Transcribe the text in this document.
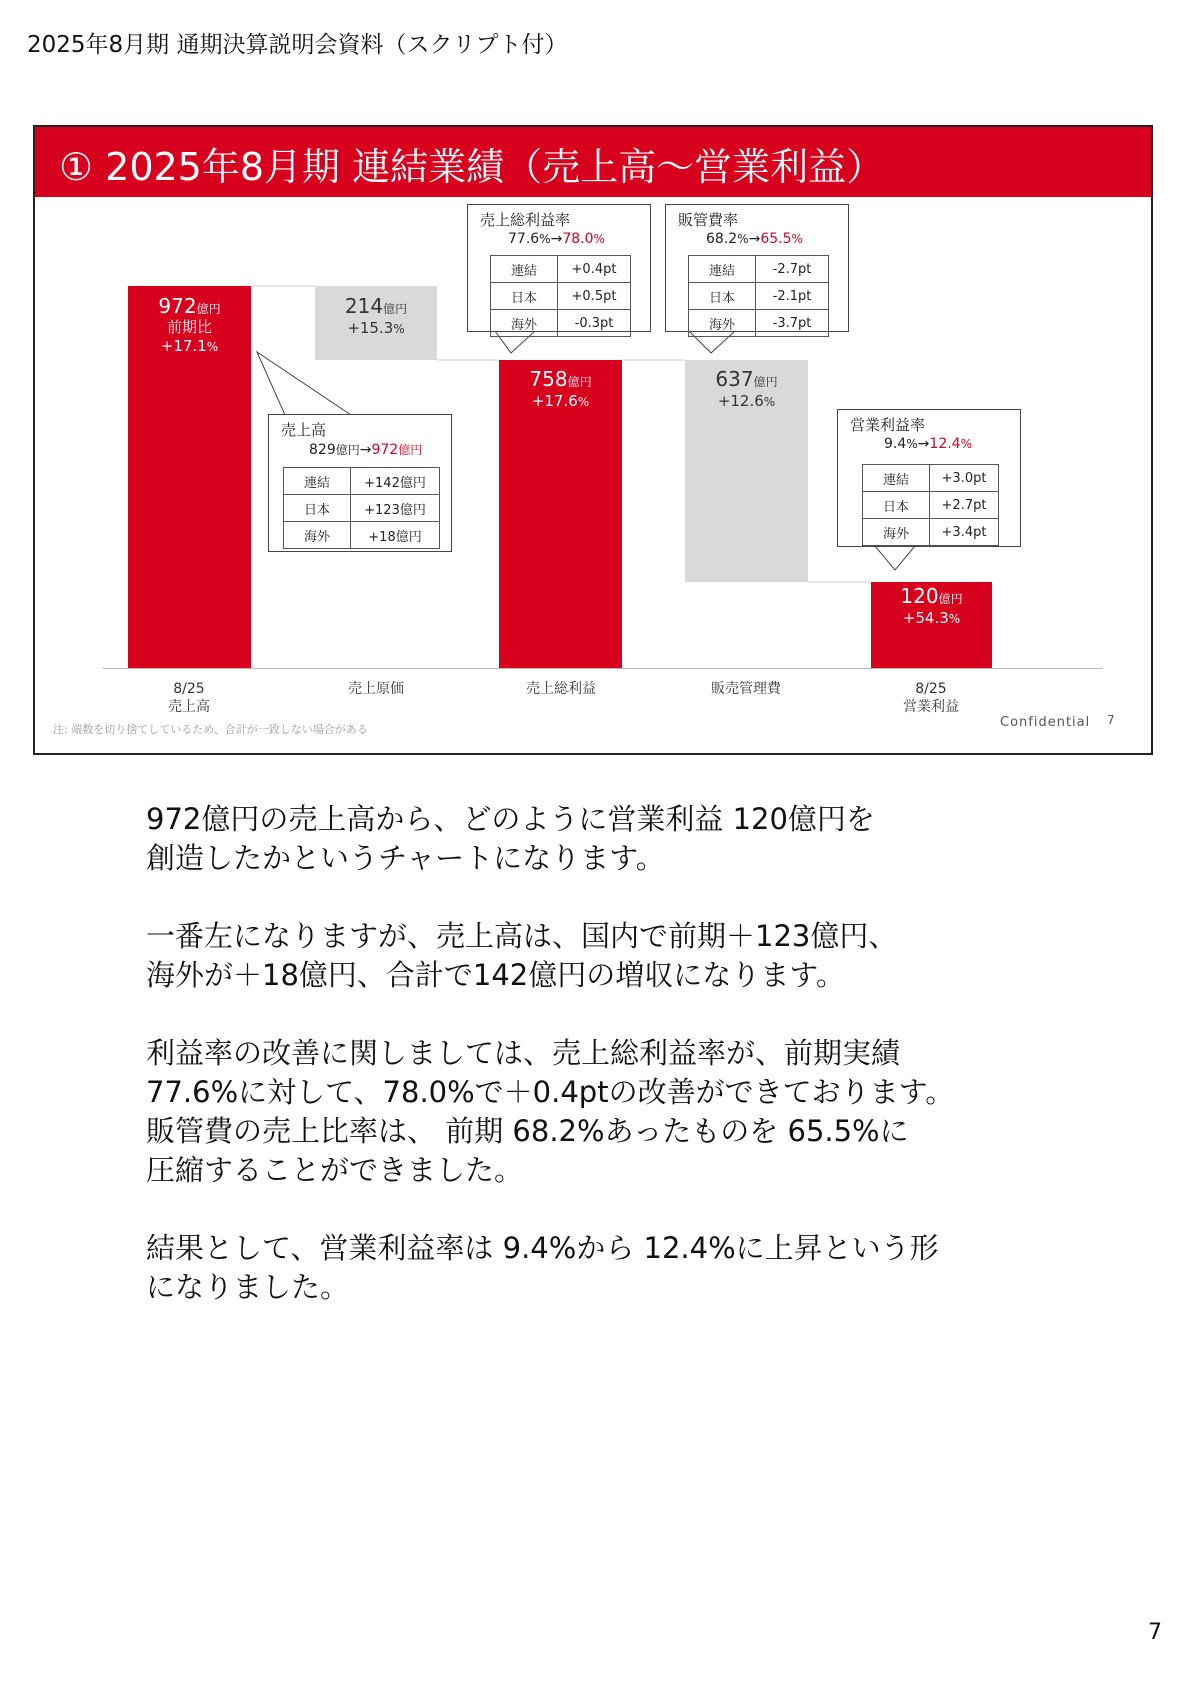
2025年8月期 通期決算説明会資料（スクリプト付）
① 2025年8月期 連結業績（売上高〜営業利益）
972億円
前期比
+17.1%
214億円
+15.3%
758億円
+17.6%
637億円
+12.6%
120億円
+54.3%
8/25
売上高
売上原価	売上総利益	販売管理費	8/25
営業利益
売上高
829億円→972億円
連結	+142億円
日本	+123億円
海外	+18億円
売上総利益率
77.6%→78.0%
連結	+0.4pt
日本	+0.5pt
海外	-0.3pt
販管費率
68.2%→65.5%
連結	-2.7pt
日本	-2.1pt
海外	-3.7pt
営業利益率
9.4%→12.4%
連結	+3.0pt
日本	+2.7pt
海外	+3.4pt
注: 端数を切り捨てしているため、合計が一致しない場合がある	Confidential 7

972億円の売上高から、どのように営業利益 120億円を
創造したかというチャートになります。

一番左になりますが、売上高は、国内で前期＋123億円、
海外が＋18億円、合計で142億円の増収になります。

利益率の改善に関しましては、売上総利益率が、前期実績
77.6%に対して、78.0%で＋0.4ptの改善ができております。
販管費の売上比率は、 前期 68.2%あったものを 65.5%に
圧縮することができました。

結果として、営業利益率は 9.4%から 12.4%に上昇という形
になりました。

7
